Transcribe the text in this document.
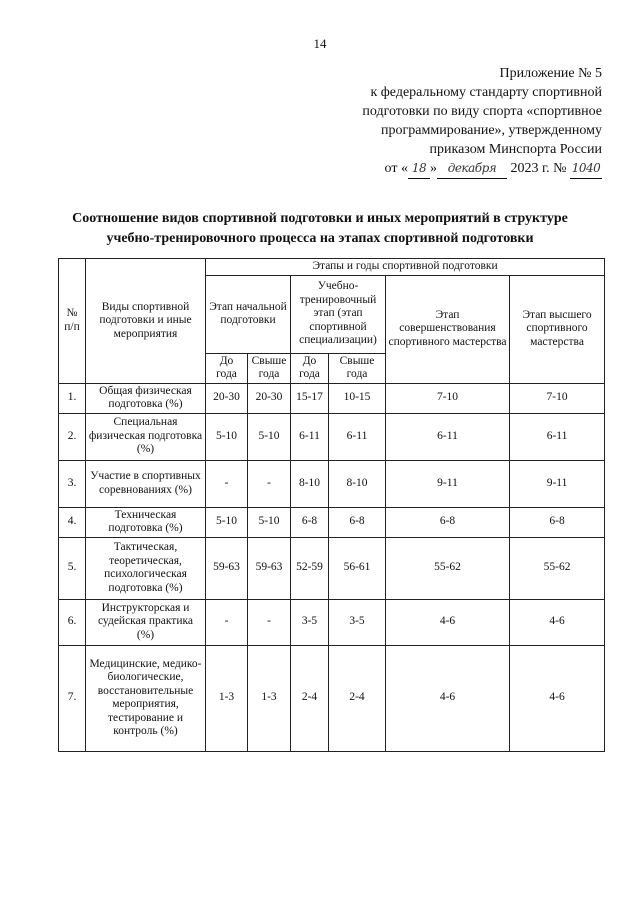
14
Приложение № 5
к федеральному стандарту спортивной
подготовки по виду спорта «спортивное
программирование», утвержденному
приказом Минспорта России
от « 18 » декабря 2023 г. № 1040
Соотношение видов спортивной подготовки и иных мероприятий в структуре
учебно-тренировочного процесса на этапах спортивной подготовки
№ п/п	Виды спортивной подготовки и иные мероприятия	Этапы и годы спортивной подготовки					
		Этап начальной подготовки		Учебно-тренировочный этап (этап спортивной специализации)		Этап совершенствования спортивного мастерства	Этап высшего спортивного мастерства
		До года	Свыше года	До года	Свыше года		
1.	Общая физическая подготовка (%)	20-30	20-30	15-17	10-15	7-10	7-10
2.	Специальная физическая подготовка (%)	5-10	5-10	6-11	6-11	6-11	6-11
3.	Участие в спортивных соревнованиях (%)	-	-	8-10	8-10	9-11	9-11
4.	Техническая подготовка (%)	5-10	5-10	6-8	6-8	6-8	6-8
5.	Тактическая, теоретическая, психологическая подготовка (%)	59-63	59-63	52-59	56-61	55-62	55-62
6.	Инструкторская и судейская практика (%)	-	-	3-5	3-5	4-6	4-6
7.	Медицинские, медико-биологические, восстановительные мероприятия, тестирование и контроль (%)	1-3	1-3	2-4	2-4	4-6	4-6
